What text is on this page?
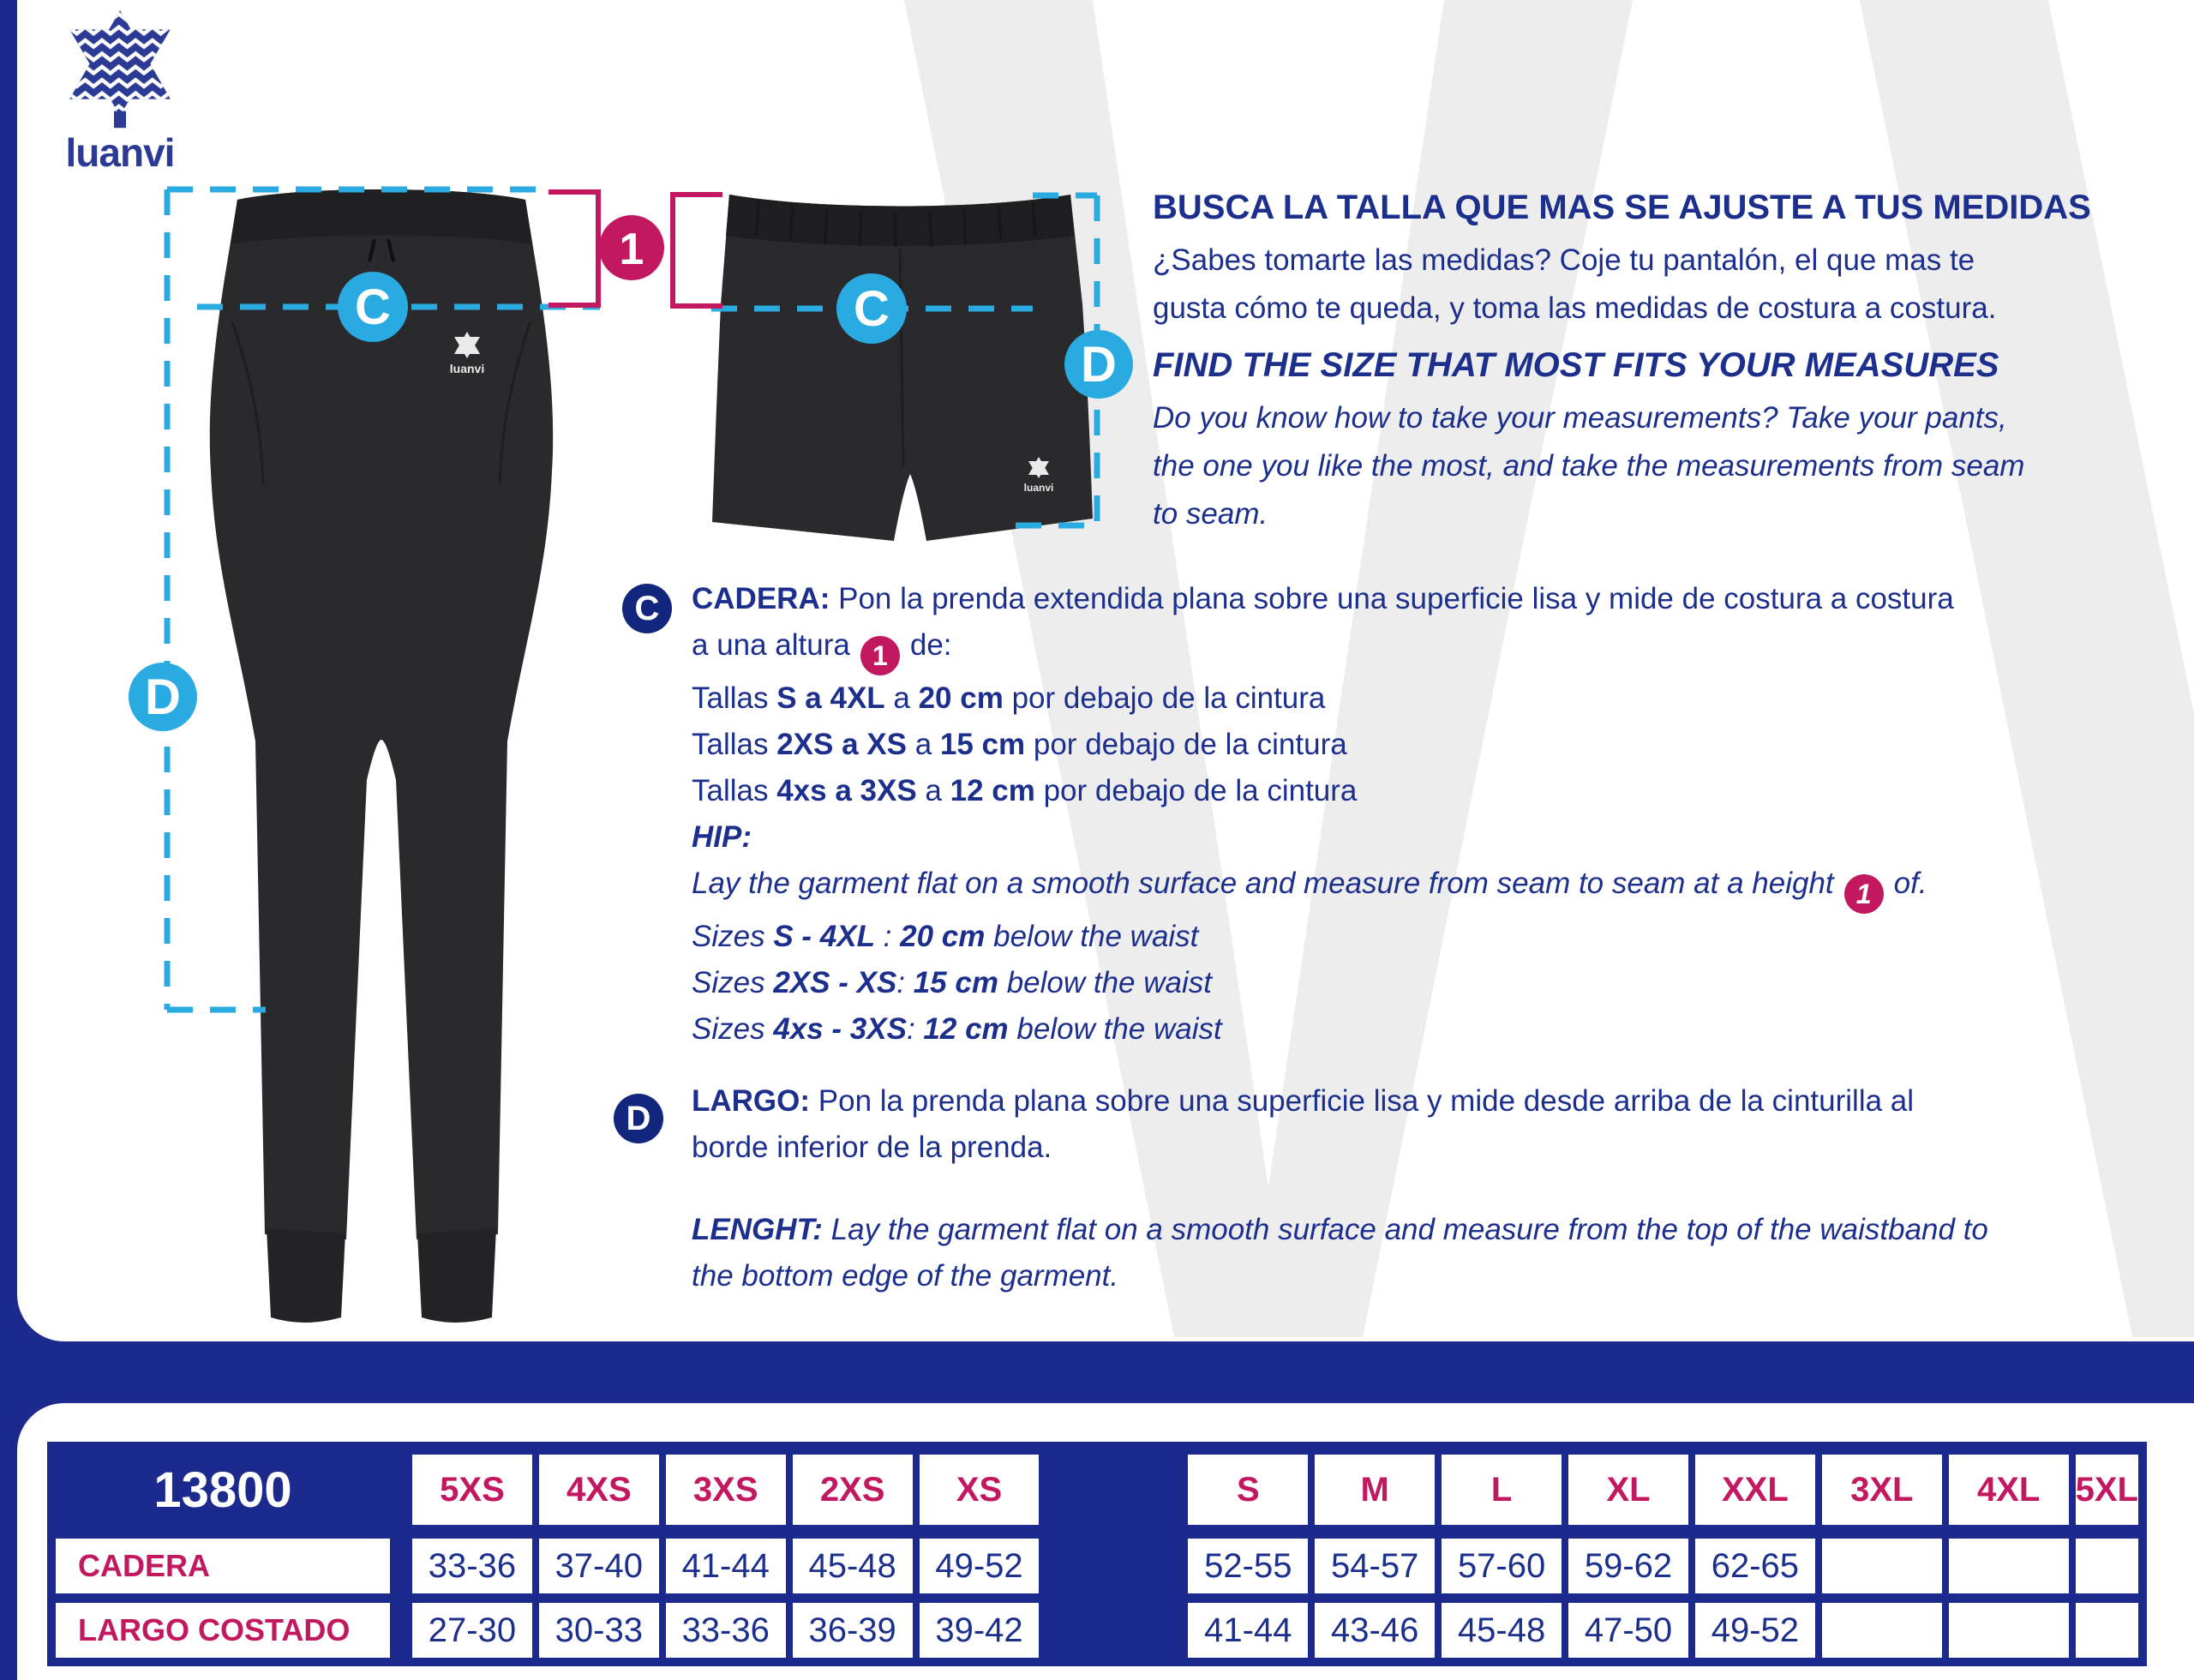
luanvi
luanvi
luanvi
C
1
C
D
D
BUSCA LA TALLA QUE MAS SE AJUSTE A TUS MEDIDAS
¿Sabes tomarte las medidas? Coje tu pantalón, el que mas te
gusta cómo te queda, y toma las medidas de costura a costura.
FIND THE SIZE THAT MOST FITS YOUR MEASURES
Do you know how to take your measurements? Take your pants,
the one you like the most, and take the measurements from seam
to seam.
C CADERA: Pon la prenda extendida plana sobre una superficie lisa y mide de costura a costura
a una altura 1 de:
Tallas S a 4XL a 20 cm por debajo de la cintura
Tallas 2XS a XS a 15 cm por debajo de la cintura
Tallas 4xs a 3XS a 12 cm por debajo de la cintura
HIP:
Lay the garment flat on a smooth surface and measure from seam to seam at a height 1 of.
Sizes S - 4XL : 20 cm below the waist
Sizes 2XS - XS: 15 cm below the waist
Sizes 4xs - 3XS: 12 cm below the waist
D LARGO: Pon la prenda plana sobre una superficie lisa y mide desde arriba de la cinturilla al
borde inferior de la prenda.
LENGHT: Lay the garment flat on a smooth surface and measure from the top of the waistband to
the bottom edge of the garment.
13800	5XS	4XS	3XS	2XS	XS	S	M	L	XL	XXL	3XL	4XL	5XL
CADERA	33-36	37-40	41-44	45-48	49-52	52-55	54-57	57-60	59-62	62-65
LARGO COSTADO	27-30	30-33	33-36	36-39	39-42	41-44	43-46	45-48	47-50	49-52
